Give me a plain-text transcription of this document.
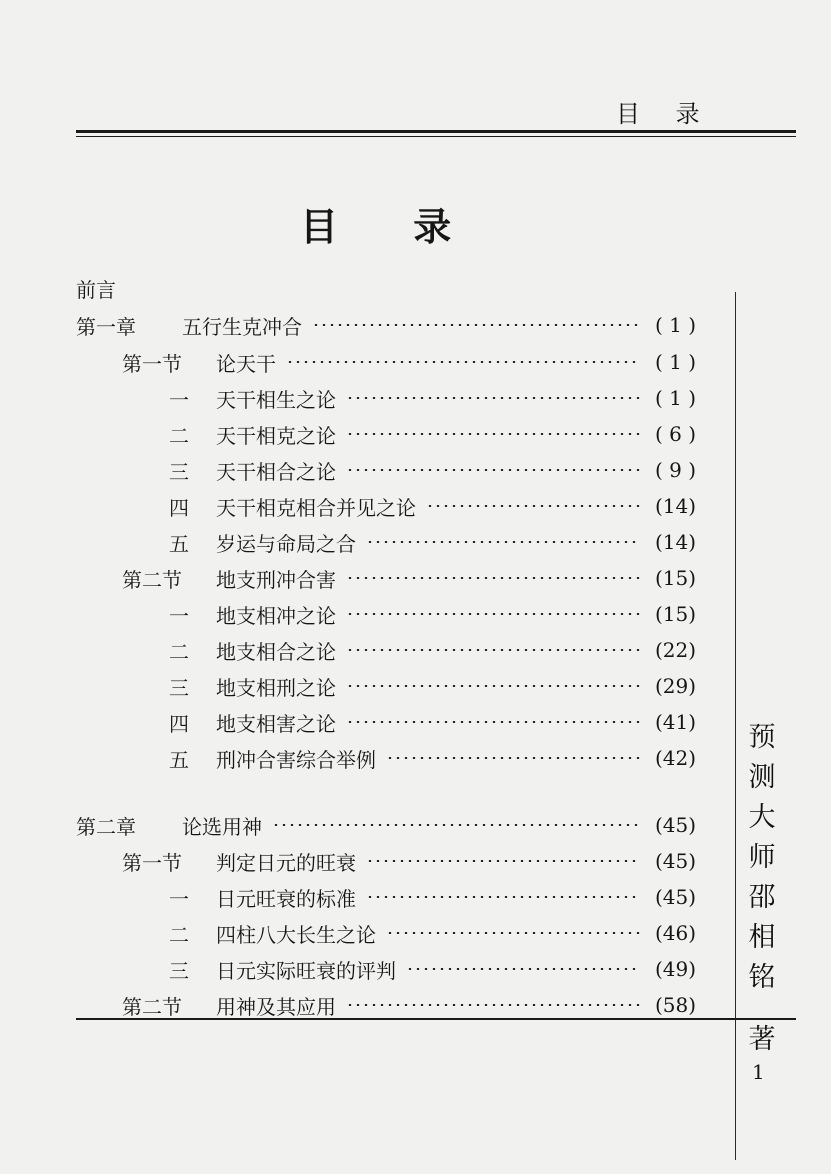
目 录
目 录
前言
第一章	五行生克冲合	( 1 )
第一节	论天干	( 1 )
一	天干相生之论	( 1 )
二	天干相克之论	( 6 )
三	天干相合之论	( 9 )
四	天干相克相合并见之论	(14)
五	岁运与命局之合	(14)
第二节	地支刑冲合害	(15)
一	地支相冲之论	(15)
二	地支相合之论	(22)
三	地支相刑之论	(29)
四	地支相害之论	(41)
五	刑冲合害综合举例	(42)
第二章	论选用神	(45)
第一节	判定日元的旺衰	(45)
一	日元旺衰的标准	(45)
二	四柱八大长生之论	(46)
三	日元实际旺衰的评判	(49)
第二节	用神及其应用	(58)
预
测
大
师
邵
相
铭
著
1
